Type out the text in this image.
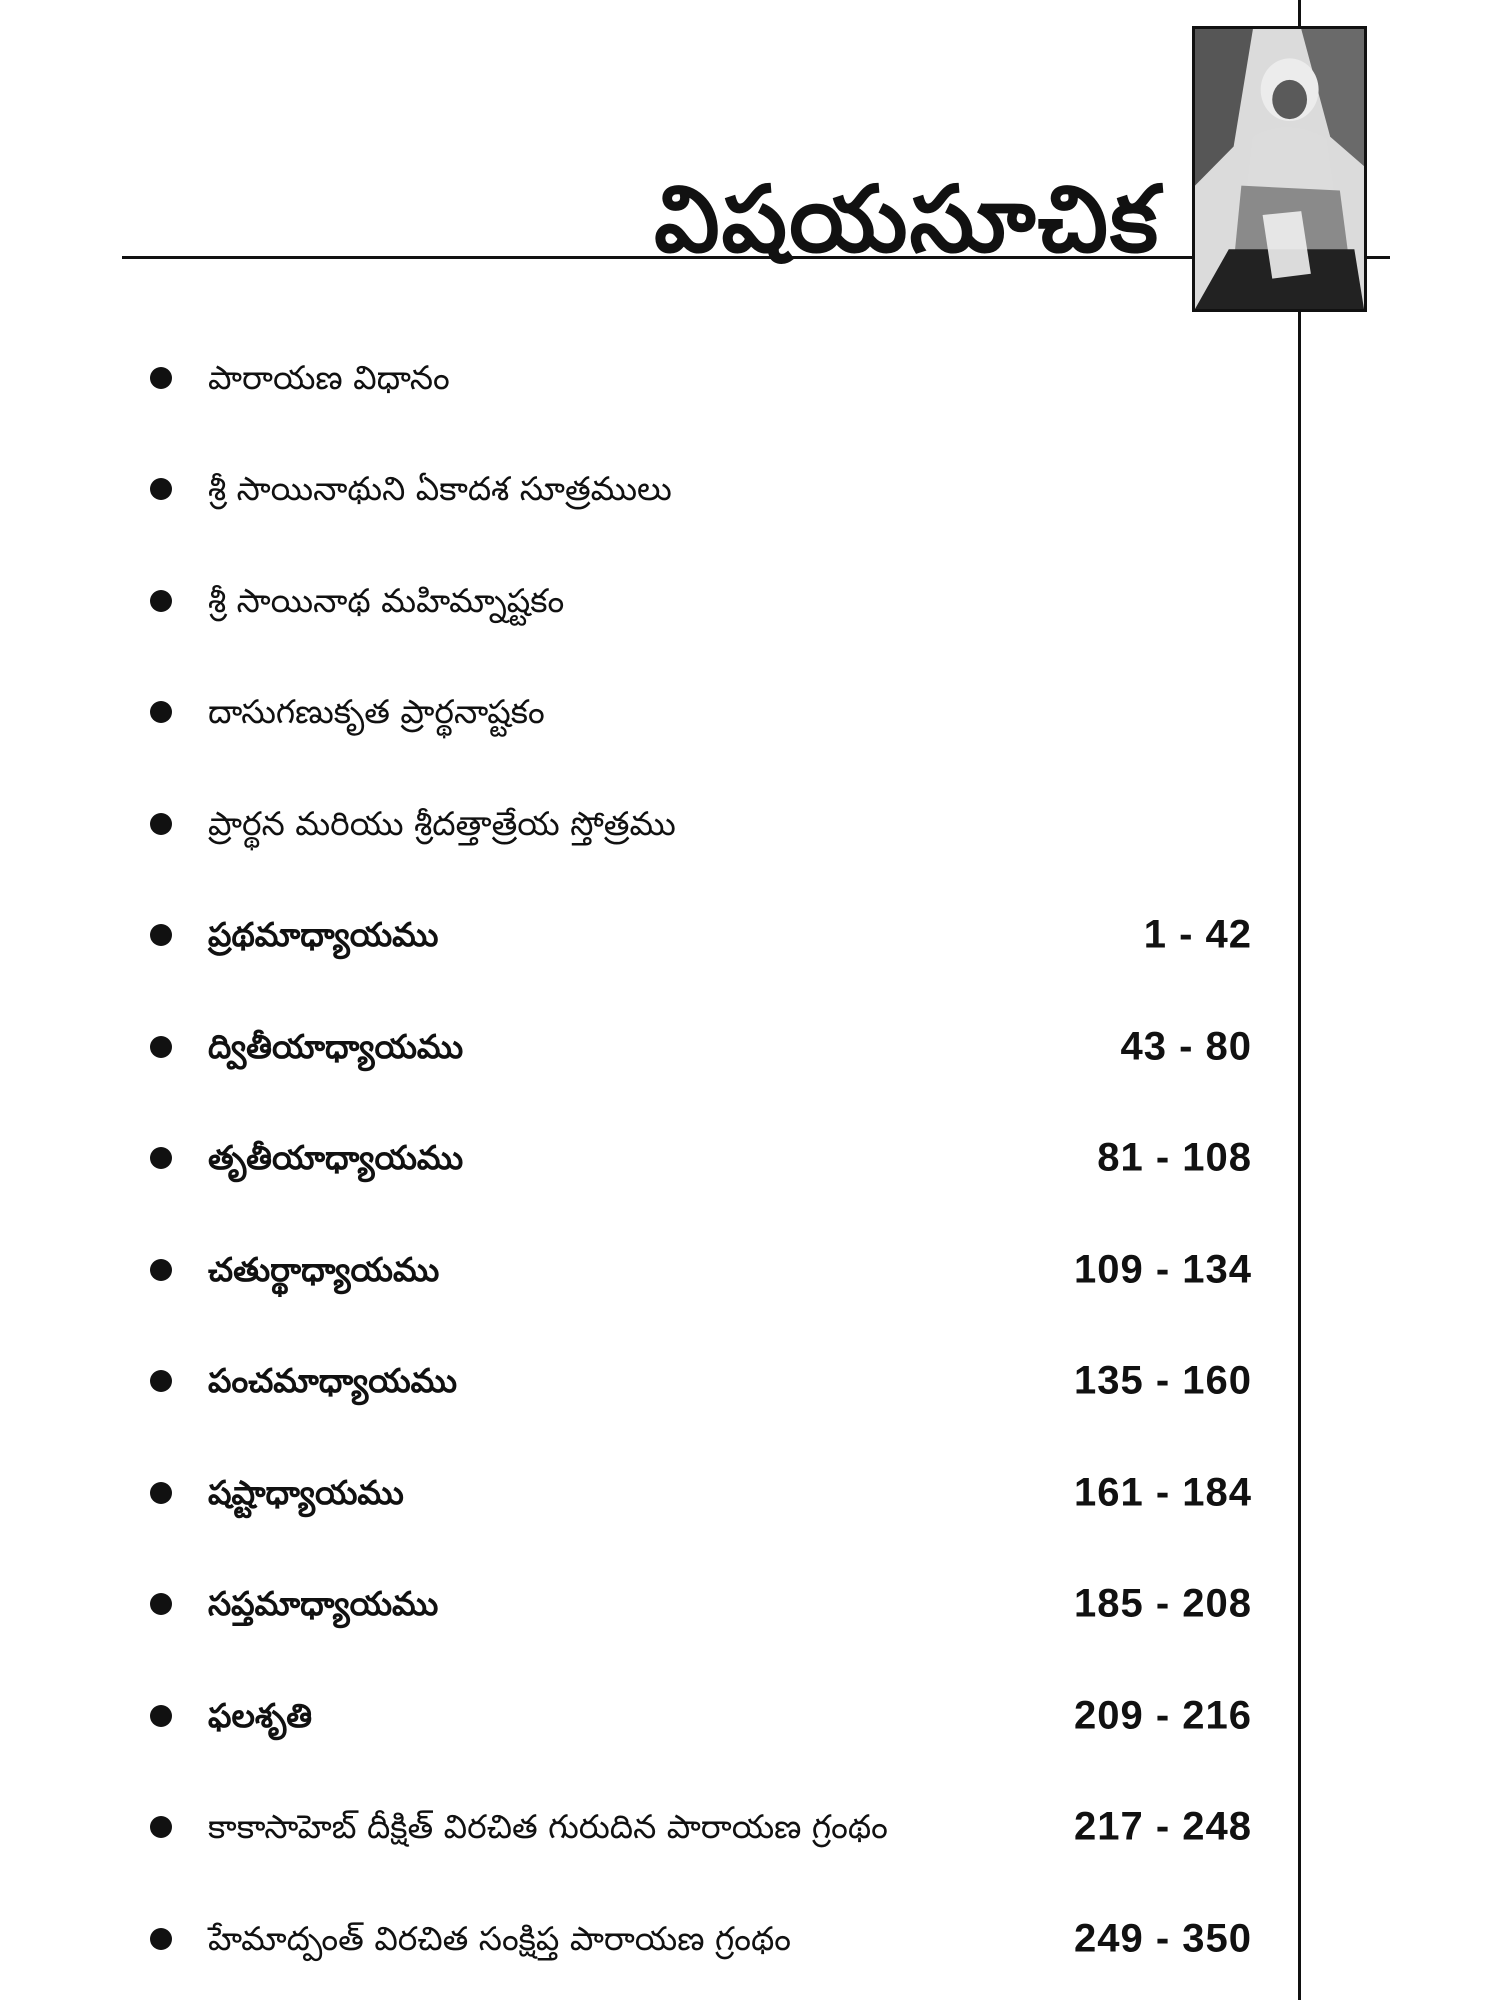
విషయసూచిక
పారాయణ విధానం
శ్రీ సాయినాథుని ఏకాదశ సూత్రములు
శ్రీ సాయినాథ మహిమ్నాష్టకం
దాసుగణుకృత ప్రార్థనాష్టకం
ప్రార్థన మరియు శ్రీదత్తాత్రేయ స్తోత్రము
ప్రథమాధ్యాయము	1 - 42
ద్వితీయాధ్యాయము	43 - 80
తృతీయాధ్యాయము	81 - 108
చతుర్థాధ్యాయము	109 - 134
పంచమాధ్యాయము	135 - 160
షష్టాధ్యాయము	161 - 184
సప్తమాధ్యాయము	185 - 208
ఫలశృతి	209 - 216
కాకాసాహెబ్ దీక్షిత్ విరచిత గురుదిన పారాయణ గ్రంథం	217 - 248
హేమాద్పంత్ విరచిత సంక్షిప్త పారాయణ గ్రంథం	249 - 350
